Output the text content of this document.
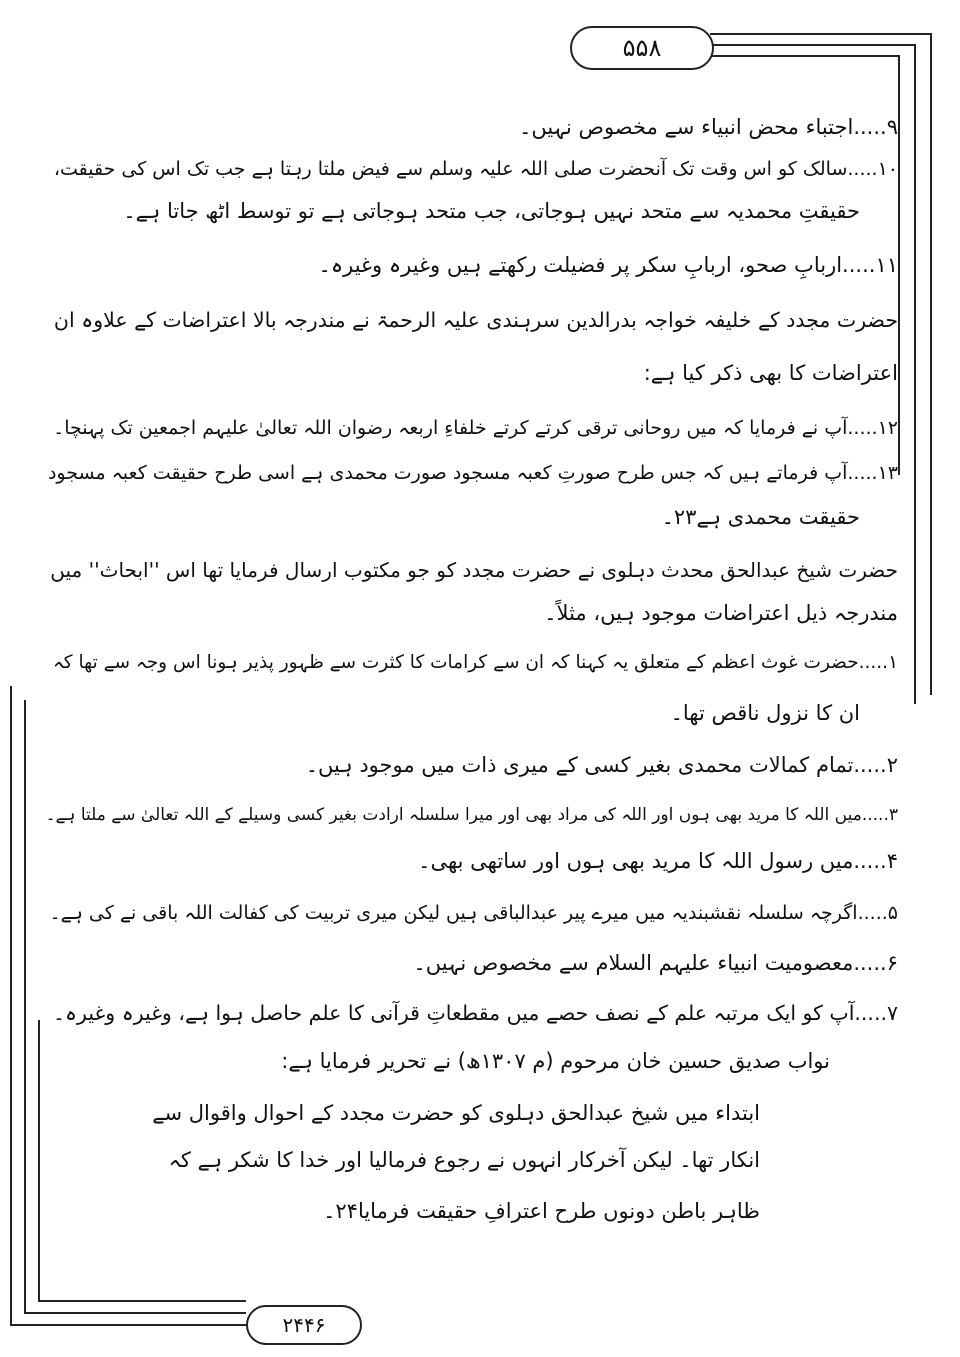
۵۵۸
۲۴۴۶
۹.....اجتباء محض انبیاء سے مخصوص نہیں۔
۱۰.....سالک کو اس وقت تک آنحضرت صلی اللہ علیہ وسلم سے فیض ملتا رہتا ہے جب تک اس کی حقیقت،
حقیقتِ محمدیہ سے متحد نہیں ہوجاتی، جب متحد ہوجاتی ہے تو توسط اٹھ جاتا ہے۔
۱۱.....اربابِ صحو، اربابِ سکر پر فضیلت رکھتے ہیں وغیرہ وغیرہ۔
حضرت مجدد کے خلیفہ خواجہ بدرالدین سرہندی علیہ الرحمۃ نے مندرجہ بالا اعتراضات کے علاوہ ان
اعتراضات کا بھی ذکر کیا ہے:
۱۲.....آپ نے فرمایا کہ میں روحانی ترقی کرتے کرتے خلفاءِ اربعہ رضوان اللہ تعالیٰ علیہم اجمعین تک پہنچا۔
۱۳.....آپ فرماتے ہیں کہ جس طرح صورتِ کعبہ مسجود صورت محمدی ہے اسی طرح حقیقت کعبہ مسجود
حقیقت محمدی ہے۲۳۔
حضرت شیخ عبدالحق محدث دہلوی نے حضرت مجدد کو جو مکتوب ارسال فرمایا تھا اس ''ابحاث'' میں
مندرجہ ذیل اعتراضات موجود ہیں، مثلاً۔
۱.....حضرت غوث اعظم کے متعلق یہ کہنا کہ ان سے کرامات کا کثرت سے ظہور پذیر ہونا اس وجہ سے تھا کہ
ان کا نزول ناقص تھا۔
۲.....تمام کمالات محمدی بغیر کسی کے میری ذات میں موجود ہیں۔
۳.....میں اللہ کا مرید بھی ہوں اور اللہ کی مراد بھی اور میرا سلسلہ ارادت بغیر کسی وسیلے کے اللہ تعالیٰ سے ملتا ہے۔
۴.....میں رسول اللہ کا مرید بھی ہوں اور ساتھی بھی۔
۵.....اگرچہ سلسلہ نقشبندیہ میں میرے پیر عبدالباقی ہیں لیکن میری تربیت کی کفالت اللہ باقی نے کی ہے۔
۶.....معصومیت انبیاء علیہم السلام سے مخصوص نہیں۔
۷.....آپ کو ایک مرتبہ علم کے نصف حصے میں مقطعاتِ قرآنی کا علم حاصل ہوا ہے، وغیرہ وغیرہ۔
نواب صدیق حسین خان مرحوم (م ۱۳۰۷ھ) نے تحریر فرمایا ہے:
ابتداء میں شیخ عبدالحق دہلوی کو حضرت مجدد کے احوال واقوال سے
انکار تھا۔ لیکن آخرکار انہوں نے رجوع فرمالیا اور خدا کا شکر ہے کہ
ظاہر باطن دونوں طرح اعترافِ حقیقت فرمایا۲۴۔
